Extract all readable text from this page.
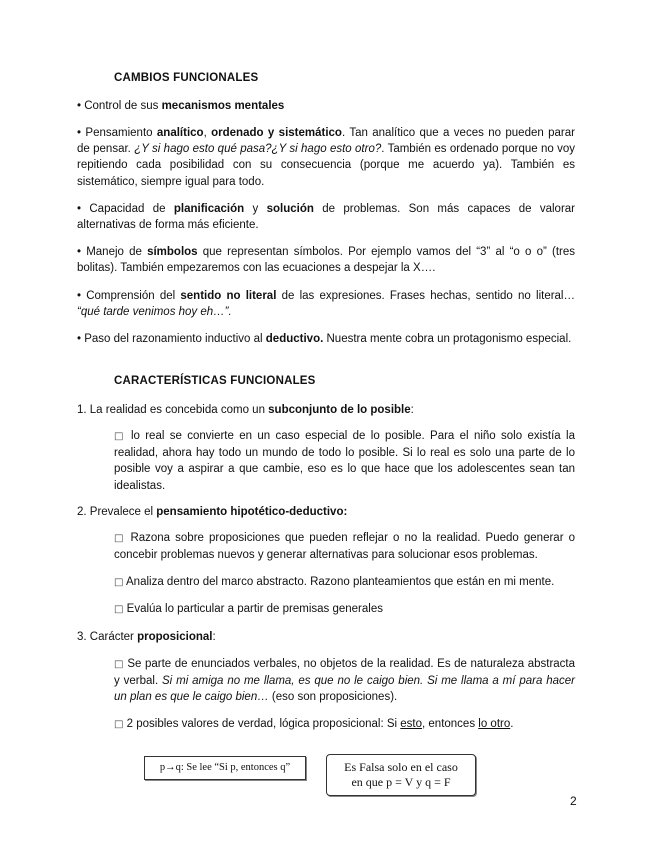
CAMBIOS FUNCIONALES
• Control de sus mecanismos mentales
• Pensamiento analítico, ordenado y sistemático. Tan analítico que a veces no pueden parar de pensar. ¿Y si hago esto qué pasa?¿Y si hago esto otro?. También es ordenado porque no voy repitiendo cada posibilidad con su consecuencia (porque me acuerdo ya). También es sistemático, siempre igual para todo.
• Capacidad de planificación y solución de problemas. Son más capaces de valorar alternativas de forma más eficiente.
• Manejo de símbolos que representan símbolos. Por ejemplo vamos del “3” al “o o o” (tres bolitas). También empezaremos con las ecuaciones a despejar la X….
• Comprensión del sentido no literal de las expresiones. Frases hechas, sentido no literal… “qué tarde venimos hoy eh…”.
• Paso del razonamiento inductivo al deductivo. Nuestra mente cobra un protagonismo especial.
CARACTERÍSTICAS FUNCIONALES
1. La realidad es concebida como un subconjunto de lo posible:
□ lo real se convierte en un caso especial de lo posible. Para el niño solo existía la realidad, ahora hay todo un mundo de todo lo posible. Si lo real es solo una parte de lo posible voy a aspirar a que cambie, eso es lo que hace que los adolescentes sean tan idealistas.
2. Prevalece el pensamiento hipotético-deductivo:
□ Razona sobre proposiciones que pueden reflejar o no la realidad. Puedo generar o concebir problemas nuevos y generar alternativas para solucionar esos problemas.
□ Analiza dentro del marco abstracto. Razono planteamientos que están en mi mente.
□ Evalúa lo particular a partir de premisas generales
3. Carácter proposicional:
□ Se parte de enunciados verbales, no objetos de la realidad. Es de naturaleza abstracta y verbal. Si mi amiga no me llama, es que no le caigo bien. Si me llama a mí para hacer un plan es que le caigo bien… (eso son proposiciones).
□ 2 posibles valores de verdad, lógica proposicional: Si esto, entonces lo otro.
p→q: Se lee “Si p, entonces q”	Es Falsa solo en el caso
en que p = V y q = F
2
